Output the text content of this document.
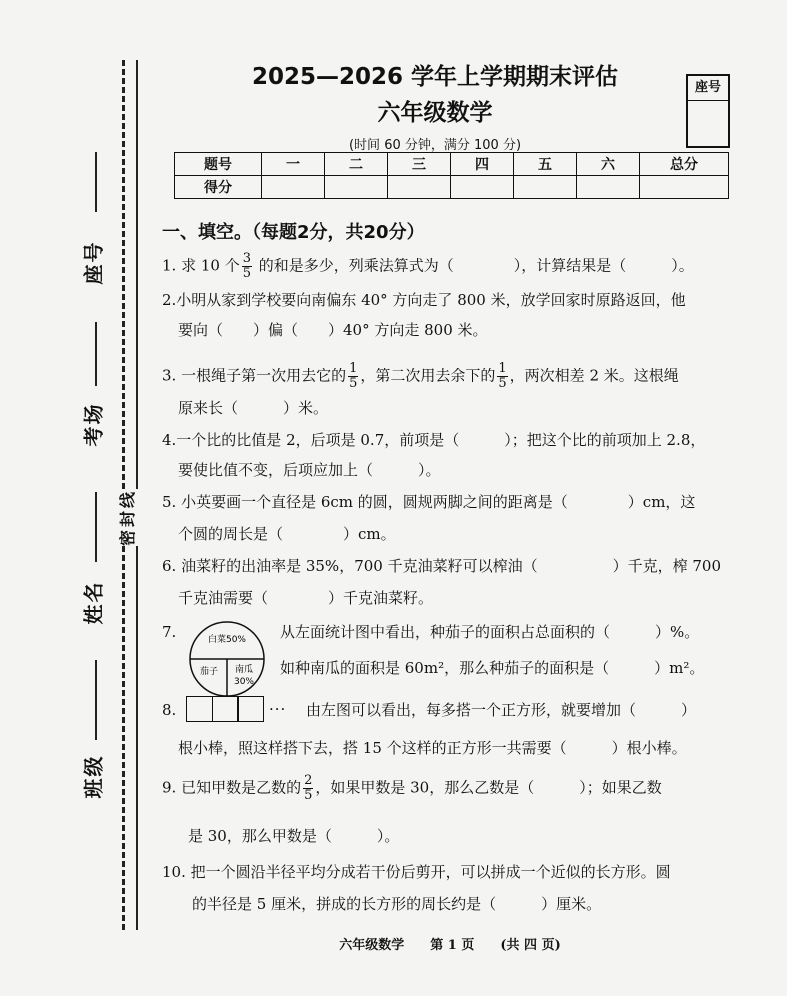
座号
考场
姓名
班级
密封线
2025—2026 学年上学期期末评估
六年级数学
(时间 60 分钟，满分 100 分)
座号
题号	一	二	三	四	五	六	总分
得分							
一、填空。（每题2分，共20分）
1. 求 10 个 $\frac{3}{5}$ 的和是多少，列乘法算式为（　　　　），计算结果是（　　　）。
2.小明从家到学校要向南偏东 40° 方向走了 800 米，放学回家时原路返回，他
要向（　　）偏（　　）40° 方向走 800 米。
3. 一根绳子第一次用去它的 $\frac{1}{5}$ ，第二次用去余下的 $\frac{1}{5}$ ，两次相差 2 米。这根绳
原来长（　　　）米。
4.一个比的比值是 2，后项是 0.7，前项是（　　　）；把这个比的前项加上 2.8，
要使比值不变，后项应加上（　　　）。
5. 小英要画一个直径是 6cm 的圆，圆规两脚之间的距离是（　　　　）cm，这
个圆的周长是（　　　　）cm。
6. 油菜籽的出油率是 35%，700 千克油菜籽可以榨油（　　　　　）千克，榨 700
千克油需要（　　　　）千克油菜籽。
7.	白菜50%
茄子 南瓜
30%
从左面统计图中看出，种茄子的面积占总面积的（　　　）%。
如种南瓜的面积是 60m²，那么种茄子的面积是（　　　）m²。
8.	··· 由左图可以看出，每多搭一个正方形，就要增加（　　　）
根小棒，照这样搭下去，搭 15 个这样的正方形一共需要（　　　）根小棒。
9. 已知甲数是乙数的 $\frac{2}{5}$ ，如果甲数是 30，那么乙数是（　　　）；如果乙数
是 30，那么甲数是（　　　）。
10. 把一个圆沿半径平均分成若干份后剪开，可以拼成一个近似的长方形。圆
的半径是 5 厘米，拼成的长方形的周长约是（　　　）厘米。
六年级数学　　第 1 页　　(共 四 页)
